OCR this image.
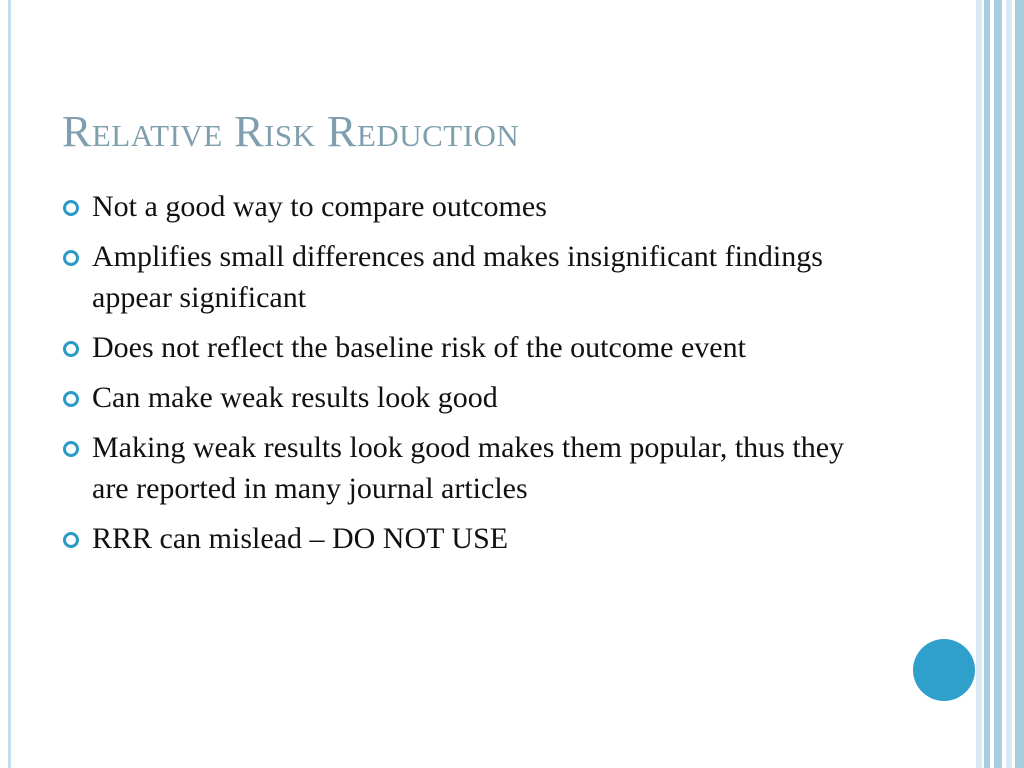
Relative Risk Reduction
Not a good way to compare outcomes
Amplifies small differences and makes insignificant findings appear significant
Does not reflect the baseline risk of the outcome event
Can make weak results look good
Making weak results look good makes them popular, thus they are reported in many journal articles
RRR can mislead – DO NOT USE
